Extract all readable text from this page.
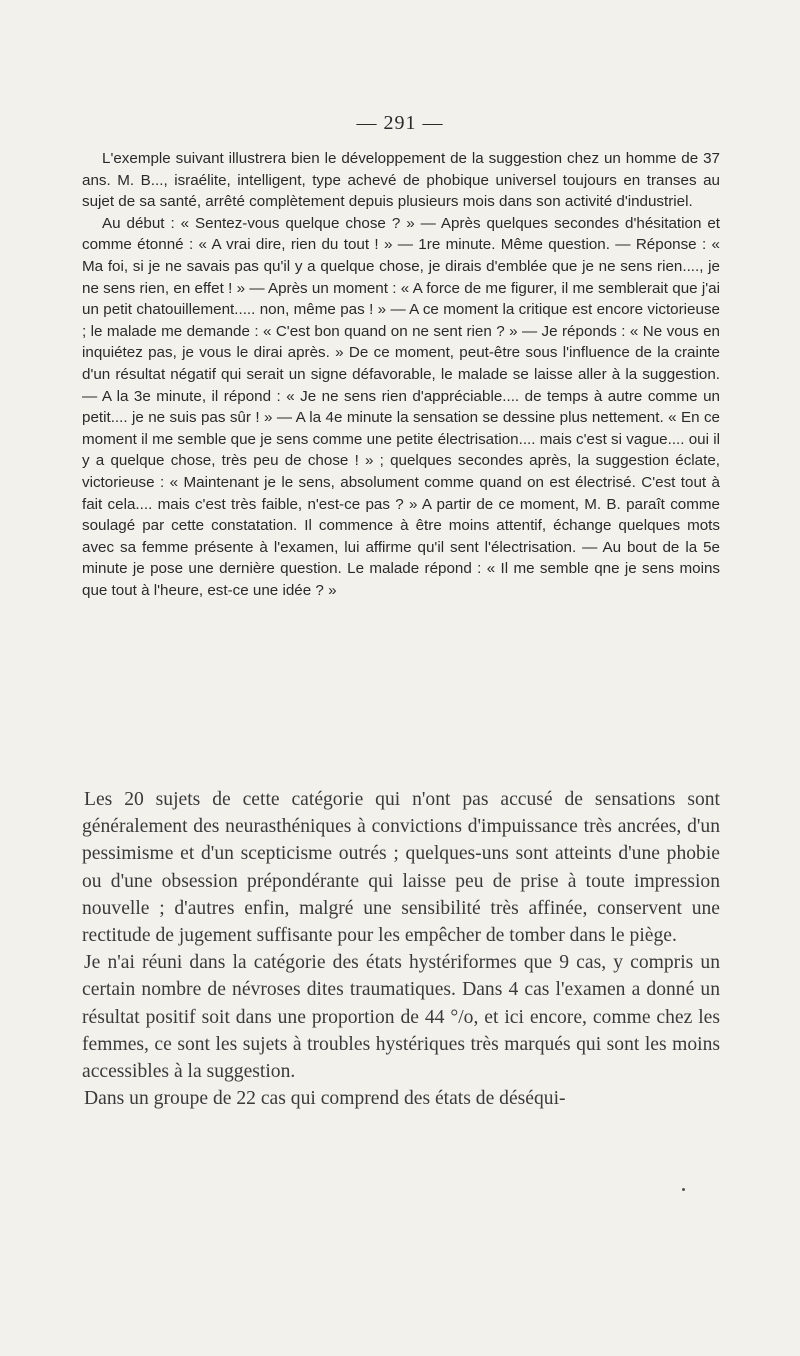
— 291 —

L'exemple suivant illustrera bien le développement de la suggestion chez un homme de 37 ans. M. B..., israélite, intelligent, type achevé de phobique universel toujours en transes au sujet de sa santé, arrêté complètement depuis plusieurs mois dans son activité d'industriel.

Au début : « Sentez-vous quelque chose ? » — Après quelques secondes d'hésitation et comme étonné : « A vrai dire, rien du tout ! » — 1re minute. Même question. — Réponse : « Ma foi, si je ne savais pas qu'il y a quelque chose, je dirais d'emblée que je ne sens rien...., je ne sens rien, en effet ! » — Après un moment : « A force de me figurer, il me semblerait que j'ai un petit chatouillement..... non, même pas ! » — A ce moment la critique est encore victorieuse ; le malade me demande : « C'est bon quand on ne sent rien ? » — Je réponds : « Ne vous en inquiétez pas, je vous le dirai après. » De ce moment, peut-être sous l'influence de la crainte d'un résultat négatif qui serait un signe défavorable, le malade se laisse aller à la suggestion. — A la 3e minute, il répond : « Je ne sens rien d'appréciable.... de temps à autre comme un petit.... je ne suis pas sûr ! » — A la 4e minute la sensation se dessine plus nettement. « En ce moment il me semble que je sens comme une petite électrisation.... mais c'est si vague.... oui il y a quelque chose, très peu de chose ! » ; quelques secondes après, la suggestion éclate, victorieuse : « Maintenant je le sens, absolument comme quand on est électrisé. C'est tout à fait cela.... mais c'est très faible, n'est-ce pas ? » A partir de ce moment, M. B. paraît comme soulagé par cette constatation. Il commence à être moins attentif, échange quelques mots avec sa femme présente à l'examen, lui affirme qu'il sent l'électrisation. — Au bout de la 5e minute je pose une dernière question. Le malade répond : « Il me semble qne je sens moins que tout à l'heure, est-ce une idée ? »

Les 20 sujets de cette catégorie qui n'ont pas accusé de sensations sont généralement des neurasthéniques à convictions d'impuissance très ancrées, d'un pessimisme et d'un scepticisme outrés ; quelques-uns sont atteints d'une phobie ou d'une obsession prépondérante qui laisse peu de prise à toute impression nouvelle ; d'autres enfin, malgré une sensibilité très affinée, conservent une rectitude de jugement suffisante pour les empêcher de tomber dans le piège.

Je n'ai réuni dans la catégorie des états hystériformes que 9 cas, y compris un certain nombre de névroses dites traumatiques. Dans 4 cas l'examen a donné un résultat positif soit dans une proportion de 44 °/o, et ici encore, comme chez les femmes, ce sont les sujets à troubles hystériques très marqués qui sont les moins accessibles à la suggestion.

Dans un groupe de 22 cas qui comprend des états de déséqui-
